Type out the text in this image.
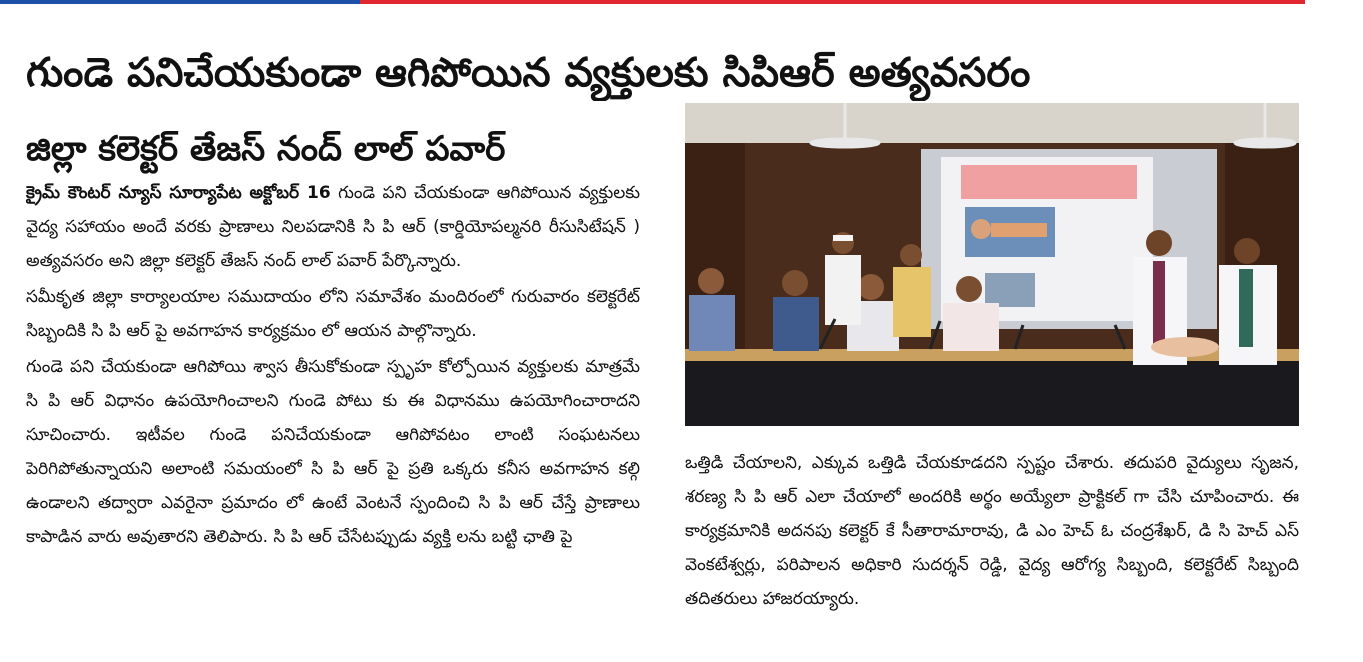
గుండె పనిచేయకుండా ఆగిపోయిన వ్యక్తులకు సిపిఆర్ అత్యవసరం
జిల్లా కలెక్టర్ తేజస్ నంద్ లాల్ పవార్

క్రైమ్ కౌంటర్ న్యూస్ సూర్యాపేట అక్టోబర్ 16 గుండె పని చేయకుండా ఆగిపోయిన వ్యక్తులకు వైద్య సహాయం అందే వరకు ప్రాణాలు నిలపడానికి సి పి ఆర్ (కార్డియోపల్మనరి రీసుసిటేషన్ ) అత్యవసరం అని జిల్లా కలెక్టర్ తేజస్ నంద్ లాల్ పవార్ పేర్కొన్నారు.

సమీకృత జిల్లా కార్యాలయాల సముదాయం లోని సమావేశం మందిరంలో గురువారం కలెక్టరేట్ సిబ్బందికి సి పి ఆర్ పై అవగాహన కార్యక్రమం లో ఆయన పాల్గొన్నారు.

గుండె పని చేయకుండా ఆగిపోయి శ్వాస తీసుకోకుండా స్పృహ కోల్పోయిన వ్యక్తులకు మాత్రమే సి పి ఆర్ విధానం ఉపయోగించాలని గుండె పోటు కు ఈ విధానము ఉపయోగించారాదని సూచించారు. ఇటీవల గుండె పనిచేయకుండా ఆగిపోవటం లాంటి సంఘటనలు పెరిగిపోతున్నాయని అలాంటి సమయంలో సి పి ఆర్ పై ప్రతి ఒక్కరు కనీస అవగాహన కల్గి ఉండాలని తద్వారా ఎవరైనా ప్రమాదం లో ఉంటే వెంటనే స్పందించి సి పి ఆర్ చేస్తే ప్రాణాలు కాపాడిన వారు అవుతారని తెలిపారు. సి పి ఆర్ చేసేటప్పుడు వ్యక్తి లను బట్టి ఛాతి పై

ఒత్తిడి చేయాలని, ఎక్కువ ఒత్తిడి చేయకూడదని స్పష్టం చేశారు. తదుపరి వైద్యులు సృజన, శరణ్య సి పి ఆర్ ఎలా చేయాలో అందరికి అర్థం అయ్యేలా ప్రాక్టికల్ గా చేసి చూపించారు. ఈ కార్యక్రమానికి అదనపు కలెక్టర్ కే సీతారామారావు, డి ఎం హెచ్ ఓ చంద్రశేఖర్, డి సి హెచ్ ఎస్ వెంకటేశ్వర్లు, పరిపాలన అధికారి సుదర్శన్ రెడ్డి, వైద్య ఆరోగ్య సిబ్బంది, కలెక్టరేట్ సిబ్బంది తదితరులు హాజరయ్యారు.
